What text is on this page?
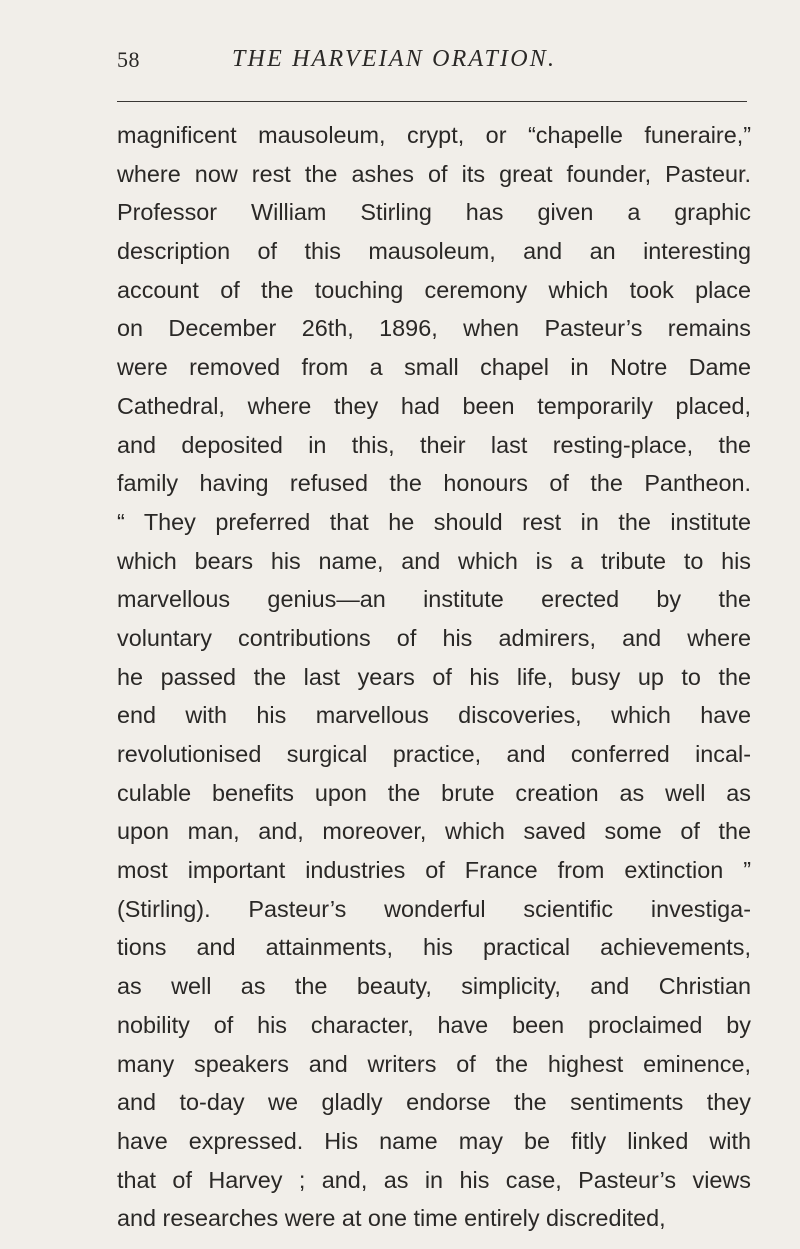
58	THE HARVEIAN ORATION.
magnificent mausoleum, crypt, or “chapelle funeraire,”
where now rest the ashes of its great founder, Pasteur.
Professor William Stirling has given a graphic
description of this mausoleum, and an interesting
account of the touching ceremony which took place
on December 26th, 1896, when Pasteur’s remains
were removed from a small chapel in Notre Dame
Cathedral, where they had been temporarily placed,
and deposited in this, their last resting-place, the
family having refused the honours of the Pantheon.
“ They preferred that he should rest in the institute
which bears his name, and which is a tribute to his
marvellous genius—an institute erected by the
voluntary contributions of his admirers, and where
he passed the last years of his life, busy up to the
end with his marvellous discoveries, which have
revolutionised surgical practice, and conferred incal-
culable benefits upon the brute creation as well as
upon man, and, moreover, which saved some of the
most important industries of France from extinction ”
(Stirling). Pasteur’s wonderful scientific investiga-
tions and attainments, his practical achievements,
as well as the beauty, simplicity, and Christian
nobility of his character, have been proclaimed by
many speakers and writers of the highest eminence,
and to-day we gladly endorse the sentiments they
have expressed. His name may be fitly linked with
that of Harvey ; and, as in his case, Pasteur’s views
and researches were at one time entirely discredited,
